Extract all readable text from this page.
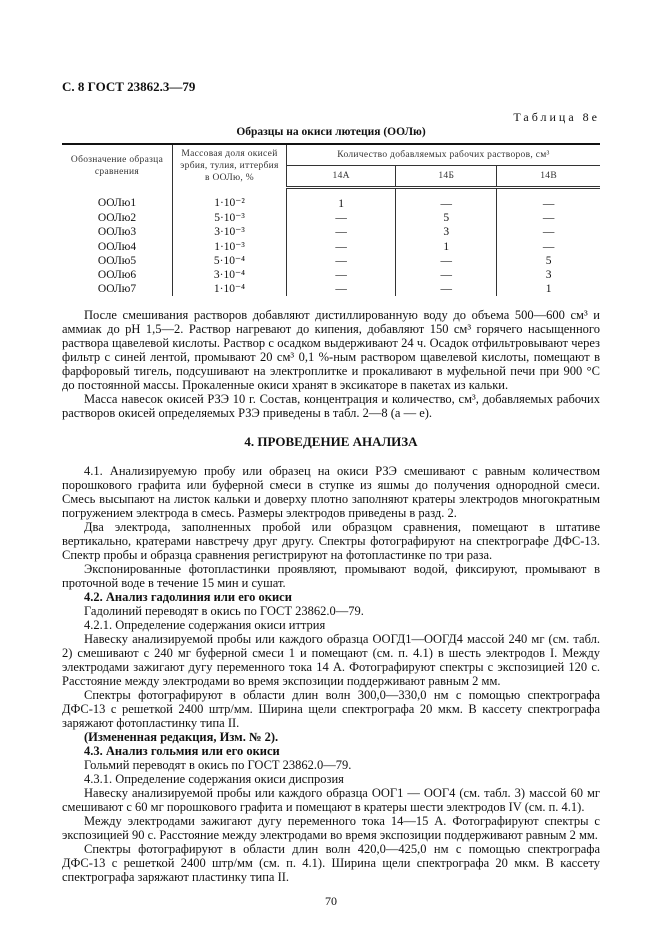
С. 8 ГОСТ 23862.3—79
Таблица 8е
Образцы на окиси лютеция (ООЛю)
Обозначение образца сравнения	Массовая доля окисей эрбия, тулия, иттербия в ООЛю, %	Количество добавляемых рабочих растворов, см³		
		14А	14Б	14В
ООЛю1	1·10⁻²	1	—	—
ООЛю2	5·10⁻³	—	5	—
ООЛю3	3·10⁻³	—	3	—
ООЛю4	1·10⁻³	—	1	—
ООЛю5	5·10⁻⁴	—	—	5
ООЛю6	3·10⁻⁴	—	—	3
ООЛю7	1·10⁻⁴	—	—	1

После смешивания растворов добавляют дистиллированную воду до объема 500—600 см³ и аммиак до pH 1,5—2. Раствор нагревают до кипения, добавляют 150 см³ горячего насыщенного раствора щавелевой кислоты. Раствор с осадком выдерживают 24 ч. Осадок отфильтровывают через фильтр с синей лентой, промывают 20 см³ 0,1 %-ным раствором щавелевой кислоты, помещают в фарфоровый тигель, подсушивают на электроплитке и прокаливают в муфельной печи при 900 °С до постоянной массы. Прокаленные окиси хранят в эксикаторе в пакетах из кальки.

Масса навесок окисей РЗЭ 10 г. Состав, концентрация и количество, см³, добавляемых рабочих растворов окисей определяемых РЗЭ приведены в табл. 2—8 (а — е).

4. ПРОВЕДЕНИЕ АНАЛИЗА

4.1. Анализируемую пробу или образец на окиси РЗЭ смешивают с равным количеством порошкового графита или буферной смеси в ступке из яшмы до получения однородной смеси. Смесь высыпают на листок кальки и доверху плотно заполняют кратеры электродов многократным погружением электрода в смесь. Размеры электродов приведены в разд. 2.

Два электрода, заполненных пробой или образцом сравнения, помещают в штативе вертикально, кратерами навстречу друг другу. Спектры фотографируют на спектрографе ДФС-13. Спектр пробы и образца сравнения регистрируют на фотопластинке по три раза.

Экспонированные фотопластинки проявляют, промывают водой, фиксируют, промывают в проточной воде в течение 15 мин и сушат.

4.2. Анализ гадолиния или его окиси

Гадолиний переводят в окись по ГОСТ 23862.0—79.

4.2.1. Определение содержания окиси иттрия

Навеску анализируемой пробы или каждого образца ООГД1—ООГД4 массой 240 мг (см. табл. 2) смешивают с 240 мг буферной смеси 1 и помещают (см. п. 4.1) в шесть электродов I. Между электродами зажигают дугу переменного тока 14 А. Фотографируют спектры с экспозицией 120 с. Расстояние между электродами во время экспозиции поддерживают равным 2 мм.

Спектры фотографируют в области длин волн 300,0—330,0 нм с помощью спектрографа ДФС-13 с решеткой 2400 штр/мм. Ширина щели спектрографа 20 мкм. В кассету спектрографа заряжают фотопластинку типа II.

(Измененная редакция, Изм. № 2).

4.3. Анализ гольмия или его окиси

Гольмий переводят в окись по ГОСТ 23862.0—79.

4.3.1. Определение содержания окиси диспрозия

Навеску анализируемой пробы или каждого образца ООГ1 — ООГ4 (см. табл. 3) массой 60 мг смешивают с 60 мг порошкового графита и помещают в кратеры шести электродов IV (см. п. 4.1).

Между электродами зажигают дугу переменного тока 14—15 А. Фотографируют спектры с экспозицией 90 с. Расстояние между электродами во время экспозиции поддерживают равным 2 мм.

Спектры фотографируют в области длин волн 420,0—425,0 нм с помощью спектрографа ДФС-13 с решеткой 2400 штр/мм (см. п. 4.1). Ширина щели спектрографа 20 мкм. В кассету спектрографа заряжают пластинку типа II.

70
